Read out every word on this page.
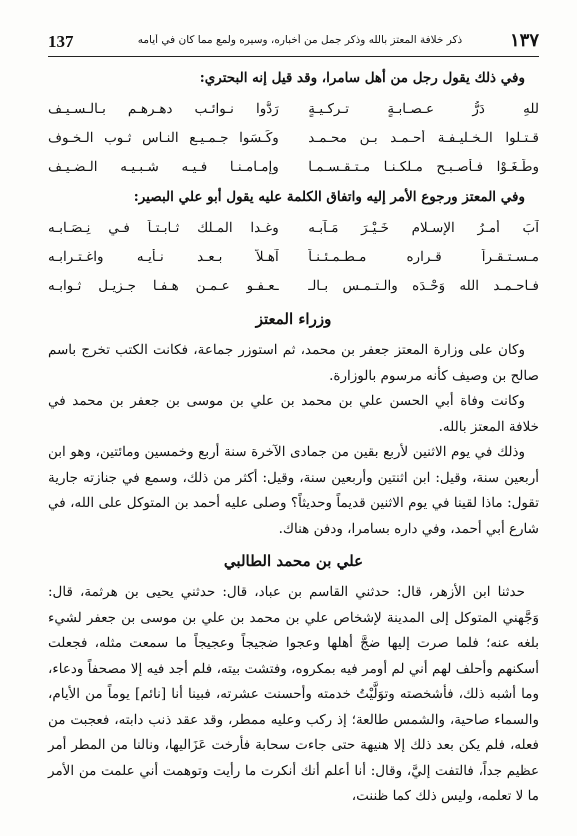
137	ذكر خلافة المعتز بالله وذكر جمل من أخباره، وسيره ولمع مما كان في أيامه	١٣٧
وفي ذلك يقول رجل من أهل سامرا، وقد قيل إنه البحتري:
للهِ دَرُّ عـصـابـةٍ تـركـيـةٍ
رَدُّوا نـوائـب دهـرهـم بـالـسـيـف
قـتـلوا الـخـليـفـة أحـمـد بـن محـمـد
وكَـسَوا جـمـيـع النـاس ثـوب الـخـوف
وطَـغَـوْا فـأصـبـح مـلكـنـا مـتـقـسـمـا
وإمـامـنـا فـيـه شـبـيـه الـضـيـف
وفي المعتز ورجوع الأمر إليه واتفاق الكلمة عليه يقول أبو علي البصير:
آبَ أمـرُ الإسـلام خَـيْـرَ مَـآبـه
وغـدا المـلك ثـابـتـاً فـي نِـصَـابـه
مـسـتـقـراً قـراره مـطـمـئـنـاً
آهـلاً بـعـد نـأيـه واغـتـرابـه
فـاحـمـد الله وَحْـدَه والـتـمـس بـالـ
ـعـفـو عـمـن هـفـا جـزيـل ثـوابـه
وزراء المعتز

وكان على وزارة المعتز جعفر بن محمد، ثم استوزر جماعة، فكانت الكتب تخرج باسم صالح بن وصيف كأنه مرسوم بالوزارة.

وكانت وفاة أبي الحسن علي بن محمد بن علي بن موسى بن جعفر بن محمد في خلافة المعتز بالله.

وذلك في يوم الاثنين لأربع بقين من جمادى الآخرة سنة أربع وخمسين ومائتين، وهو ابن أربعين سنة، وقيل: ابن اثنتين وأربعين سنة، وقيل: أكثر من ذلك، وسمع في جنازته جارية تقول: ماذا لقينا في يوم الاثنين قديماً وحديثاً؟ وصلى عليه أحمد بن المتوكل على الله، في شارع أبي أحمد، وفي داره بسامرا، ودفن هناك.

علي بن محمد الطالبي

حدثنا ابن الأزهر، قال: حدثني القاسم بن عباد، قال: حدثني يحيى بن هرثمة، قال: وَجَّهني المتوكل إلى المدينة لإشخاص علي بن محمد بن علي بن موسى بن جعفر لشيء بلغه عنه؛ فلما صرت إليها ضجَّ أهلها وعجوا ضجيجاً وعجيجاً ما سمعت مثله، فجعلت أسكنهم وأحلف لهم أني لم أومر فيه بمكروه، وفتشت بيته، فلم أجد فيه إلا مصحفاً ودعاء، وما أشبه ذلك، فأشخصته وتوَلَّيْتُ خدمته وأحسنت عشرته، فبينا أنا [نائم] يوماً من الأيام، والسماء صاحية، والشمس طالعة؛ إذ ركب وعليه ممطر، وقد عقد ذنب دابته، فعجبت من فعله، فلم يكن بعد ذلك إلا هنيهة حتى جاءت سحابة فأرخت عَزَاليها، ونالنا من المطر أمر عظيم جداً، فالتفت إليَّ، وقال: أنا أعلم أنك أنكرت ما رأيت وتوهمت أني علمت من الأمر ما لا تعلمه، وليس ذلك كما ظننت،
